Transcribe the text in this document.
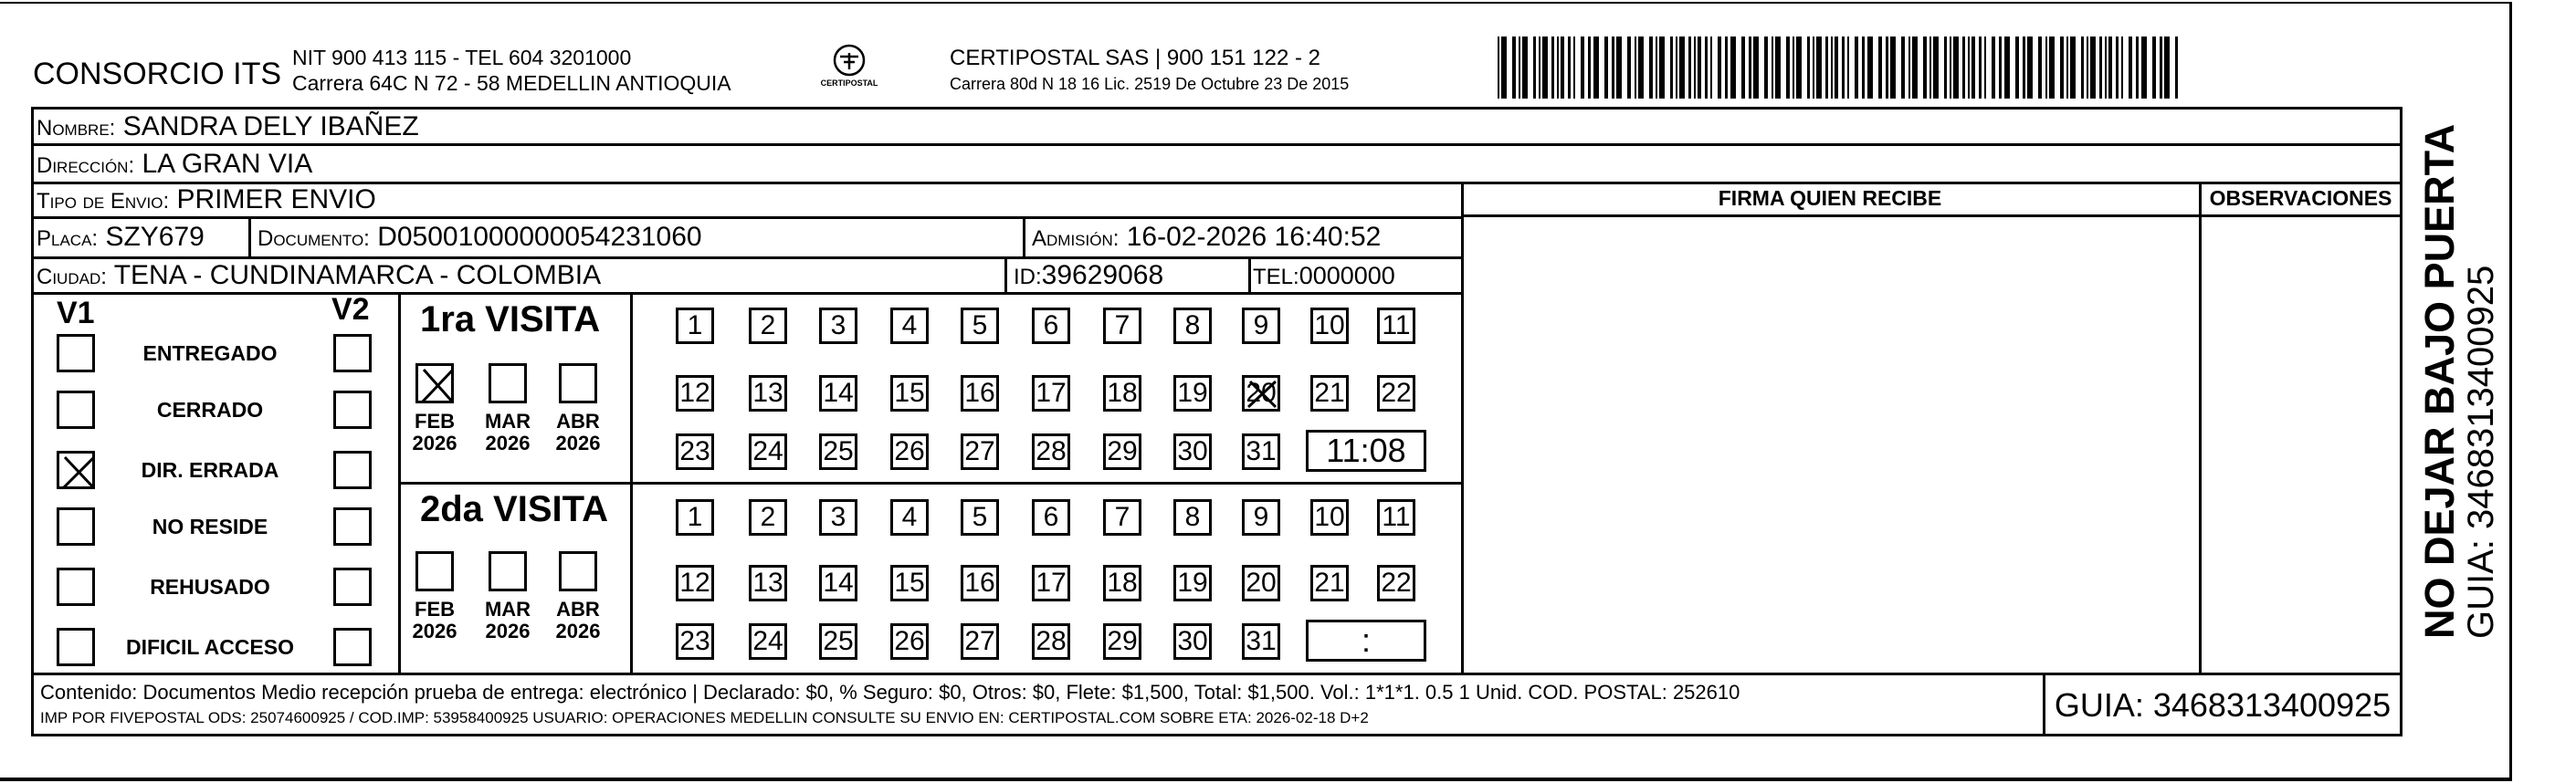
CONSORCIO ITS NIT 900 413 115 - TEL 604 3201000
Carrera 64C N 72 - 58 MEDELLIN ANTIOQUIA	CERTIPOSTAL
CERTIPOSTAL SAS | 900 151 122 - 2
Carrera 80d N 18 16 Lic. 2519 De Octubre 23 De 2015
Nombre: SANDRA DELY IBAÑEZ
Dirección: LA GRAN VIA
Tipo de Envio: PRIMER ENVIO
Placa: SZY679 Documento: D05001000000054231060	Admisión: 16-02-2026 16:40:52
Ciudad: TENA - CUNDINAMARCA - COLOMBIA	ID:39629068	TEL:0000000
FIRMA QUIEN RECIBE	OBSERVACIONES
V1	V2
ENTREGADO
CERRADO
DIR. ERRADA
NO RESIDE
REHUSADO
DIFICIL ACCESO
1ra VISITA
2da VISITA
FEB
2026
MAR
2026
ABR
2026
1	2	3	4	5	6	7	8	9	10 11
12 13 14 15 16 17 18 19 20 21 22
23 24 25 26 27 28 29 30 31	11:08
FEB
2026
MAR
2026
ABR
2026
1	2	3	4	5	6	7	8	9	10 11
12 13 14 15 16 17 18 19 20 21 22
23 24 25 26 27 28 29 30 31	:
Contenido: Documentos Medio recepción prueba de entrega: electrónico | Declarado: $0, % Seguro: $0, Otros: $0, Flete: $1,500, Total: $1,500. Vol.: 1*1*1. 0.5 1 Unid. COD. POSTAL: 252610
IMP POR FIVEPOSTAL ODS: 25074600925 / COD.IMP: 53958400925 USUARIO: OPERACIONES MEDELLIN CONSULTE SU ENVIO EN: CERTIPOSTAL.COM SOBRE ETA: 2026-02-18 D+2	GUIA: 3468313400925
NO DEJAR BAJO PUERTA
GUIA: 3468313400925
